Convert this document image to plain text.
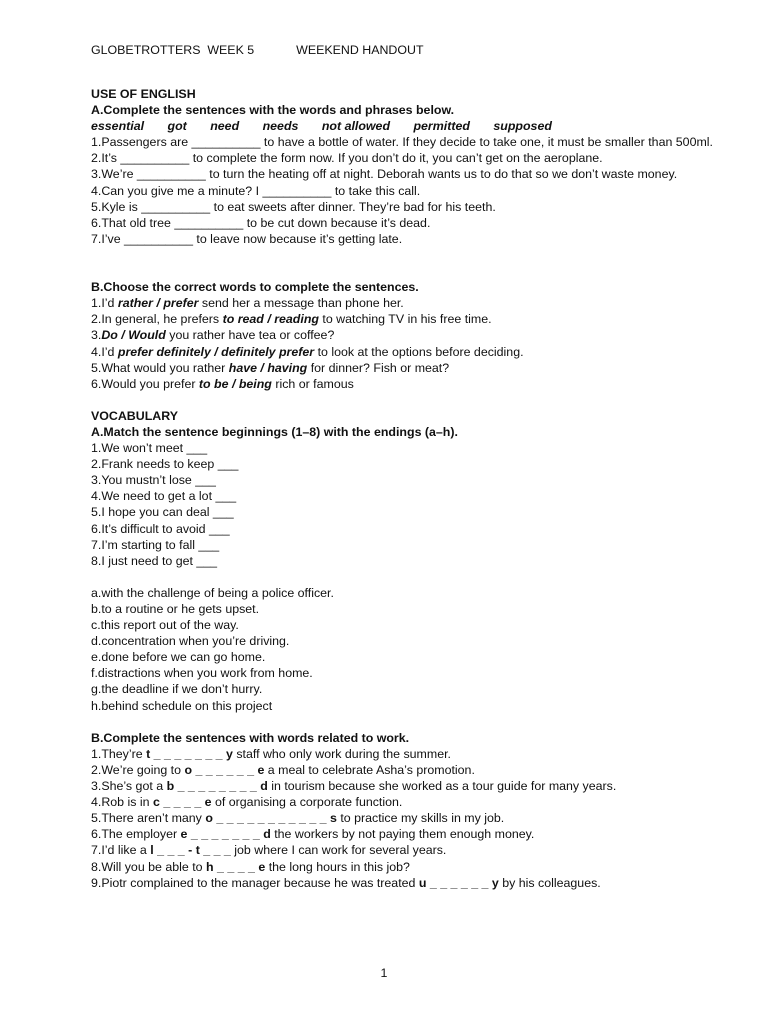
GLOBETROTTERS  WEEK 5	WEEKEND HANDOUT
USE OF ENGLISH
A.Complete the sentences with the words and phrases below.
essential got need needs not allowed permitted supposed
1.Passengers are __________ to have a bottle of water. If they decide to take one, it must be smaller than 500ml.
2.It’s __________ to complete the form now. If you don’t do it, you can’t get on the aeroplane.
3.We’re __________ to turn the heating off at night. Deborah wants us to do that so we don’t waste money.
4.Can you give me a minute? I __________ to take this call.
5.Kyle is __________ to eat sweets after dinner. They’re bad for his teeth.
6.That old tree __________ to be cut down because it’s dead.
7.I’ve __________ to leave now because it’s getting late.
B.Choose the correct words to complete the sentences.
1.I’d rather / prefer send her a message than phone her.
2.In general, he prefers to read / reading to watching TV in his free time.
3.Do / Would you rather have tea or coffee?
4.I’d prefer definitely / definitely prefer to look at the options before deciding.
5.What would you rather have / having for dinner? Fish or meat?
6.Would you prefer to be / being rich or famous
VOCABULARY
A.Match the sentence beginnings (1–8) with the endings (a–h).
1.We won’t meet ___
2.Frank needs to keep ___
3.You mustn’t lose ___
4.We need to get a lot ___
5.I hope you can deal ___
6.It’s difficult to avoid ___
7.I’m starting to fall ___
8.I just need to get ___
a.with the challenge of being a police officer.
b.to a routine or he gets upset.
c.this report out of the way.
d.concentration when you’re driving.
e.done before we can go home.
f.distractions when you work from home.
g.the deadline if we don’t hurry.
h.behind schedule on this project
B.Complete the sentences with words related to work.
1.They’re t _ _ _ _ _ _ _ y staff who only work during the summer.
2.We’re going to o _ _ _ _ _ _ e a meal to celebrate Asha’s promotion.
3.She’s got a b _ _ _ _ _ _ _ _ d in tourism because she worked as a tour guide for many years.
4.Rob is in c _ _ _ _ e of organising a corporate function.
5.There aren’t many o _ _ _ _ _ _ _ _ _ _ _ s to practice my skills in my job.
6.The employer e _ _ _ _ _ _ _ d the workers by not paying them enough money.
7.I’d like a l _ _ _ - t _ _ _ job where I can work for several years.
8.Will you be able to h _ _ _ _ e the long hours in this job?
9.Piotr complained to the manager because he was treated u _ _ _ _ _ _ y by his colleagues.
1
